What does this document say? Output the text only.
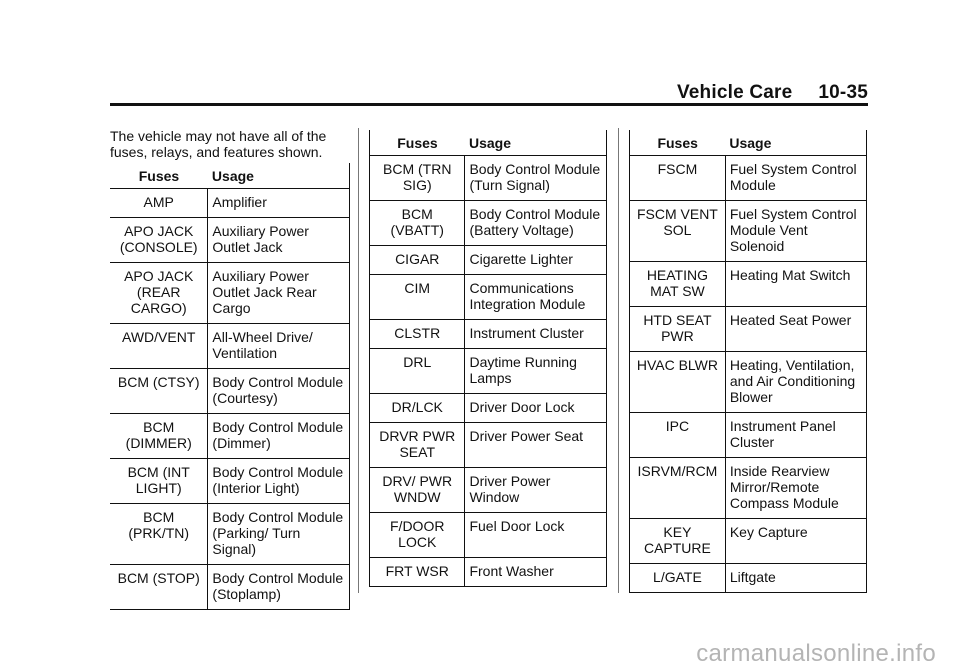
Vehicle Care 10-35
The vehicle may not have all of the fuses, relays, and features shown.
Fuses	Usage
AMP	Amplifier
APO JACK (CONSOLE)	Auxiliary Power Outlet Jack
APO JACK (REAR CARGO)	Auxiliary Power Outlet Jack Rear Cargo
AWD/VENT	All-Wheel Drive/ Ventilation
BCM (CTSY)	Body Control Module (Courtesy)
BCM (DIMMER)	Body Control Module (Dimmer)
BCM (INT LIGHT)	Body Control Module (Interior Light)
BCM (PRK/TN)	Body Control Module (Parking/ Turn Signal)
BCM (STOP)	Body Control Module (Stoplamp)
Fuses	Usage
BCM (TRN SIG)	Body Control Module (Turn Signal)
BCM (VBATT)	Body Control Module (Battery Voltage)
CIGAR	Cigarette Lighter
CIM	Communications Integration Module
CLSTR	Instrument Cluster
DRL	Daytime Running Lamps
DR/LCK	Driver Door Lock
DRVR PWR SEAT	Driver Power Seat
DRV/ PWR WNDW	Driver Power Window
F/DOOR LOCK	Fuel Door Lock
FRT WSR	Front Washer
Fuses	Usage
FSCM	Fuel System Control Module
FSCM VENT SOL	Fuel System Control Module Vent Solenoid
HEATING MAT SW	Heating Mat Switch
HTD SEAT PWR	Heated Seat Power
HVAC BLWR	Heating, Ventilation, and Air Conditioning Blower
IPC	Instrument Panel Cluster
ISRVM/RCM	Inside Rearview Mirror/Remote Compass Module
KEY CAPTURE	Key Capture
L/GATE	Liftgate
carmanualsonline.info
